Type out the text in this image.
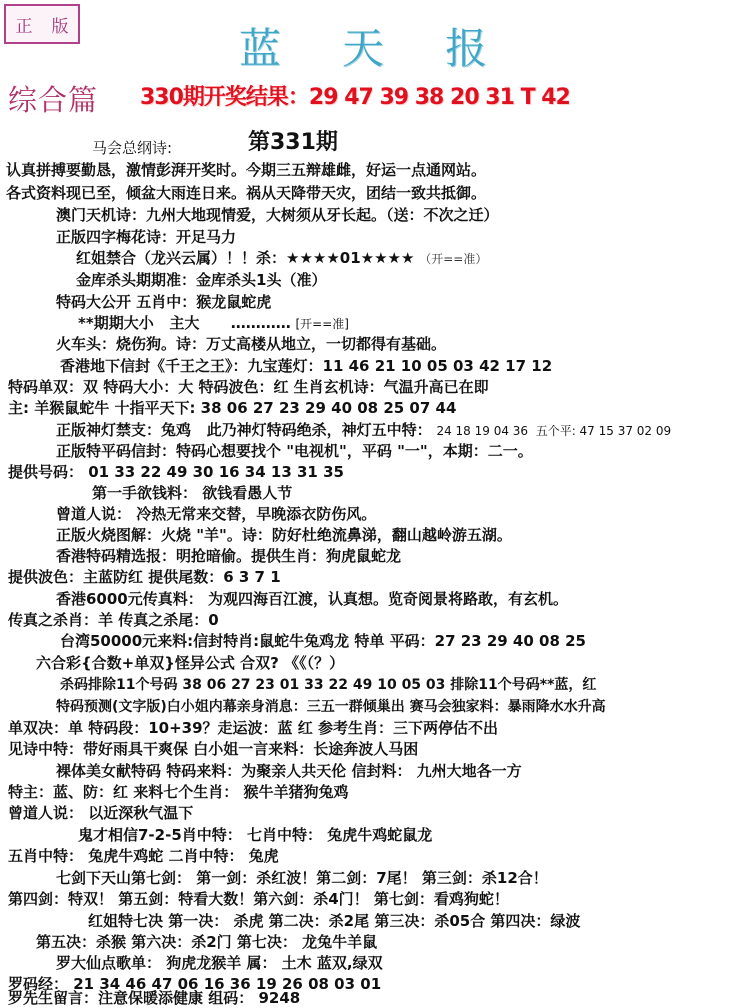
正 版	蓝 天 报
综合篇 330期开奖结果：29 47 39 38 20 31 T 42
马会总纲诗:	第331期
认真拼搏要勤恳，激情彭湃开奖时。今期三五辩雄雌，好运一点通网站。
各式资料现已至，倾盆大雨连日来。祸从天降带天灾，团结一致共抵御。
澳门天机诗：九州大地现情爱，大树须从牙长起。（送：不次之迁）
正版四字梅花诗：开足马力
红姐禁合（龙兴云属）！！杀：★★★★01★★★★ （开==准）
金库杀头期期准：金库杀头1头（准）
特码大公开 五肖中：猴龙鼠蛇虎
**期期大小   主大      ………… [开==准]
火车头：烧伤狗。诗：万丈高楼从地立，一切都得有基础。
香港地下信封《千王之王》：九宝莲灯：11 46 21 10 05 03 42 17 12
特码单双：双 特码大小：大 特码波色：红 生肖玄机诗：气温升高已在即
主: 羊猴鼠蛇牛 十指平天下: 38 06 27 23 29 40 08 25 07 44
正版神灯禁支：兔鸡   此乃神灯特码绝杀，神灯五中特： 24 18 19 04 36  五个平: 47 15 37 02 09
正版特平码信封：特码心想要找个 "电视机"，平码 "一"，本期：二一。
提供号码： 01 33 22 49 30 16 34 13 31 35
第一手欲钱料： 欲钱看愚人节
曾道人说： 冷热无常来交替，早晚添衣防伤风。
正版火烧图解：火烧 "羊"。诗：防好杜绝流鼻涕，翻山越岭游五湖。
香港特码精选报：明抢暗偷。提供生肖：狗虎鼠蛇龙
提供波色：主蓝防红 提供尾数：6 3 7 1
香港6000元传真料： 为观四海百江渡，认真想。览奇阅景将路敢，有玄机。
传真之杀肖：羊 传真之杀尾：0
台湾50000元来料:信封特肖:鼠蛇牛兔鸡龙 特单 平码：27 23 29 40 08 25
六合彩{合数+单双}怪异公式 合双? 《《（？）
杀码排除11个号码 38 06 27 23 01 33 22 49 10 05 03 排除11个号码**蓝，红
特码预测(文字版)白小姐内幕亲身消息：三五一群倾巢出 赛马会独家料：暴雨降水水升高
单双决：单 特码段：10+39？走运波：蓝 红 参考生肖：三下两停估不出
见诗中特：带好雨具干爽保 白小姐一言来料：长途奔波人马困
裸体美女献特码 特码来料：为聚亲人共天伦 信封料： 九州大地各一方
特主：蓝、防：红 来料七个生肖： 猴牛羊猪狗兔鸡
曾道人说： 以近深秋气温下
鬼才相信7-2-5肖中特： 七肖中特： 兔虎牛鸡蛇鼠龙
五肖中特： 兔虎牛鸡蛇 二肖中特： 兔虎
七剑下天山第七剑： 第一剑：杀红波！第二剑：7尾！ 第三剑：杀12合！
第四剑：特双！ 第五剑：特看大数！第六剑：杀4门！ 第七剑：看鸡狗蛇！
红姐特七决 第一决： 杀虎 第二决：杀2尾 第三决：杀05合 第四决：绿波
第五决：杀猴 第六决：杀2门 第七决： 龙兔牛羊鼠
罗大仙点歌单： 狗虎龙猴羊 属： 土木 蓝双,绿双
罗码经： 21 34 46 47 06 16 36 19 26 08 03 01
罗先生留言：注意保暖添健康 组码： 9248
